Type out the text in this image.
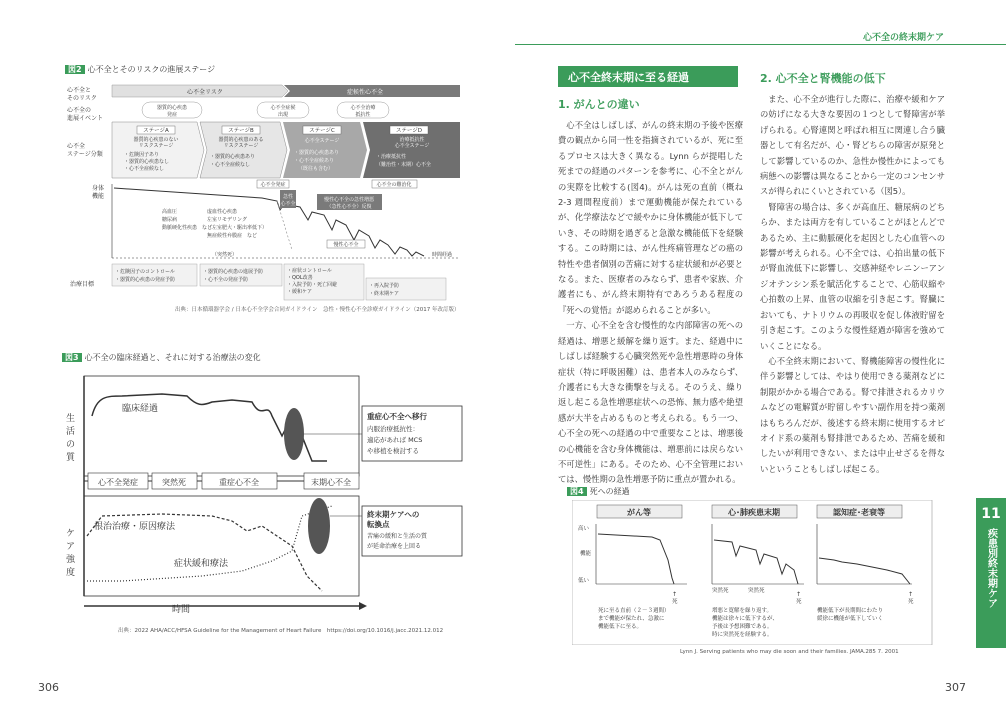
心不全の終末期ケア
図2 心不全とそのリスクの進展ステージ
心不全と
そのリスク
心不全の
進展イベント
心不全
ステージ分類
身体
機能
治療目標
心不全リスク	症候性心不全
器質的心疾患
発症
心不全症候
出現
心不全治療
抵抗性
ステージA
器質的心疾患のない
リスクステージ
・危険因子あり
・器質的心疾患なし
・心不全症候なし
ステージB
器質的心疾患のある
リスクステージ
・器質的心疾患あり
・心不全症候なし
ステージC
心不全ステージ
・器質的心疾患あり
・心不全症候あり
（既往も含む）
ステージD
治療抵抗性
心不全ステージ
・治療抵抗性
（難治性・末期）心不全
心不全発症
急性
心不全
慢性心不全の急性増悪
（急性心不全）反復
心不全の難治化
慢性心不全
（突然死）	時間経過
高血圧
糖尿病
動脈硬化性疾患　など
虚血性心疾患
左室リモデリング
（左室肥大・駆出率低下）
無症候性弁膜症　など
・危険因子のコントロール
・器質的心疾患の発症予防
・器質的心疾患の進展予防
・心不全の発症予防
・症状コントロール
・QOL改善
・入院予防・死亡回避
・緩和ケア
・再入院予防
・終末期ケア
出典：日本循環器学会 / 日本心不全学会合同ガイドライン　急性・慢性心不全診療ガイドライン（2017 年改訂版）
図3 心不全の臨床経過と、それに対する治療法の変化
生
活
の
質
ケ
ア
強
度
臨床経過
心不全発症	突然死	重症心不全	末期心不全
根治治療・原因療法
症状緩和療法
時間
重症心不全へ移行
内服治療抵抗性：
適応があれば MCS
や移植を検討する
終末期ケアへの
転換点
苦痛の緩和と生活の質
が延命治療を上回る
出典：2022 AHA/ACC/HFSA Guideline for the Management of Heart Failure　https://doi.org/10.1016/j.jacc.2021.12.012
306
心不全終末期に至る経過
1. がんとの違い

心不全はしばしば、がんの終末期の予後や医療費の観点から同一性を指摘されているが、死に至るプロセスは大きく異なる。Lynn らが提唱した死までの経過のパターンを参考に、心不全とがんの実際を比較する(図4)。がんは死の直前（概ね 2-3 週間程度前）まで運動機能が保たれているが、化学療法などで緩やかに身体機能が低下していき、その時期を過ぎると急激な機能低下を経験する。この時期には、がん性疼痛管理などの癌の特性や患者個別の苦痛に対する症状緩和が必要となる。また、医療者のみならず、患者や家族、介護者にも、がん終末期特有であろうある程度の『死への覚悟』が認められることが多い。

一方、心不全を含む慢性的な内部障害の死への経過は、増悪と緩解を繰り返す。また、経過中にしばしば経験する心臓突然死や急性増悪時の身体症状（特に呼吸困難）は、患者本人のみならず、介護者にも大きな衝撃を与える。そのうえ、繰り返し起こる急性増悪症状への恐怖、無力感や絶望感が大半を占めるものと考えられる。もう一つ、心不全の死への経過の中で重要なことは、増悪後の心機能を含む身体機能は、増悪前には戻らない不可逆性」にある。そのため、心不全管理においては、慢性期の急性増悪予防に重点が置かれる。

2. 心不全と腎機能の低下

また、心不全が進行した際に、治療や緩和ケアの妨げになる大きな要因の１つとして腎障害が挙げられる。心腎連関と呼ばれ相互に関連し合う臓器として有名だが、心・腎どちらの障害が原発として影響しているのか、急性か慢性かによっても病態への影響は異なることから一定のコンセンサスが得られにくいとされている（図5）。

腎障害の場合は、多くが高血圧、糖尿病のどちらか、または両方を有していることがほとんどであるため、主に動脈硬化を起因とした心血管への影響が考えられる。心不全では、心拍出量の低下が腎血流低下に影響し、交感神経やレニンーアンジオテンシン系を賦活化することで、心筋収縮や心拍数の上昇、血管の収縮を引き起こす。腎臓においても、ナトリウムの再吸収を促し体液貯留を引き起こす。このような慢性経過が障害を強めていくことになる。

心不全終末期において、腎機能障害の慢性化に伴う影響としては、やはり使用できる薬剤などに制限がかかる場合である。腎で排泄されるカリウムなどの電解質が貯留しやすい副作用を持つ薬剤はもちろんだが、後述する終末期に使用するオピオイド系の薬剤も腎排泄であるため、苦痛を緩和したいが利用できない、または中止せざるを得ないということもしばしば起こる。

図4 死への経過
がん等
高い
機能
低い
↑
死
死に至る直前（２－３週間）
まで機能が保たれ、急激に
機能低下に至る。
心･肺疾患末期
突然死	突然死	↑
死
増悪と寛解を繰り返す。
機能は徐々に低下するが、
予後は予想困難である。
時に突然死を経験する。
認知症･老衰等
↑
死
機能低下が長期間にわたり
緩徐に機能が低下していく
Lynn J. Serving patients who may die soon and their families. JAMA.285 7. 2001
11
疾患別終末期ケア
307
